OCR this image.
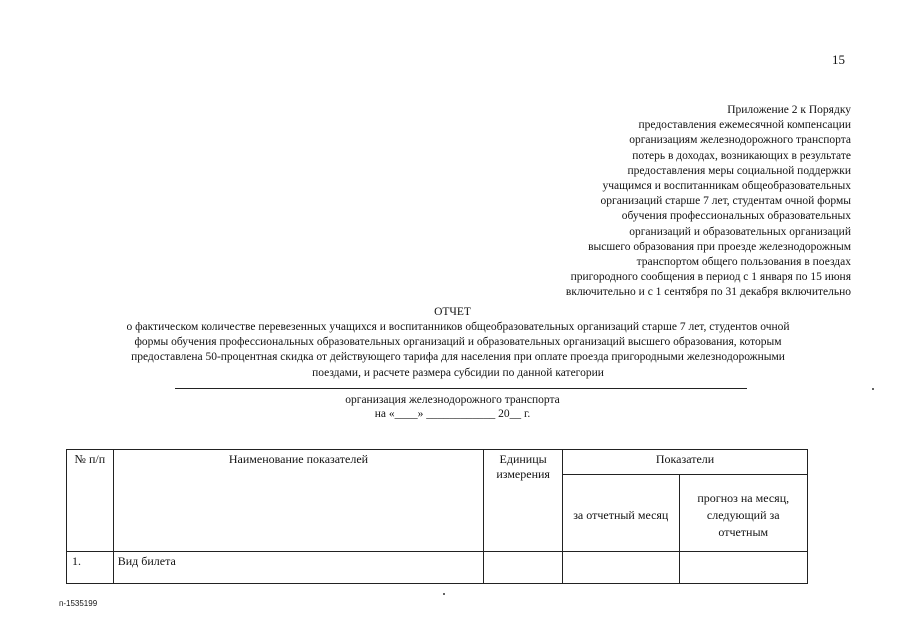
15
Приложение 2 к Порядку
предоставления ежемесячной компенсации
организациям железнодорожного транспорта
потерь в доходах, возникающих в результате
предоставления меры социальной поддержки
учащимся и воспитанникам общеобразовательных
организаций старше 7 лет, студентам очной формы
обучения профессиональных образовательных
организаций и образовательных организаций
высшего образования при проезде железнодорожным
транспортом общего пользования в поездах
пригородного сообщения в период с 1 января по 15 июня
включительно и с 1 сентября по 31 декабря включительно
ОТЧЕТ
о фактическом количестве перевезенных учащихся и воспитанников общеобразовательных организаций старше 7 лет, студентов очной
формы обучения профессиональных образовательных организаций и образовательных организаций высшего образования, которым
предоставлена 50-процентная скидка от действующего тарифа для населения при оплате проезда пригородными железнодорожными
поездами, и расчете размера субсидии по данной категории
организация железнодорожного транспорта
на «____» ____________ 20__ г.
№ п/п	Наименование показателей	Единицы измерения	Показатели	
			за отчетный месяц	прогноз на месяц, следующий за отчетным
1.	Вид билета			
п-1535199
